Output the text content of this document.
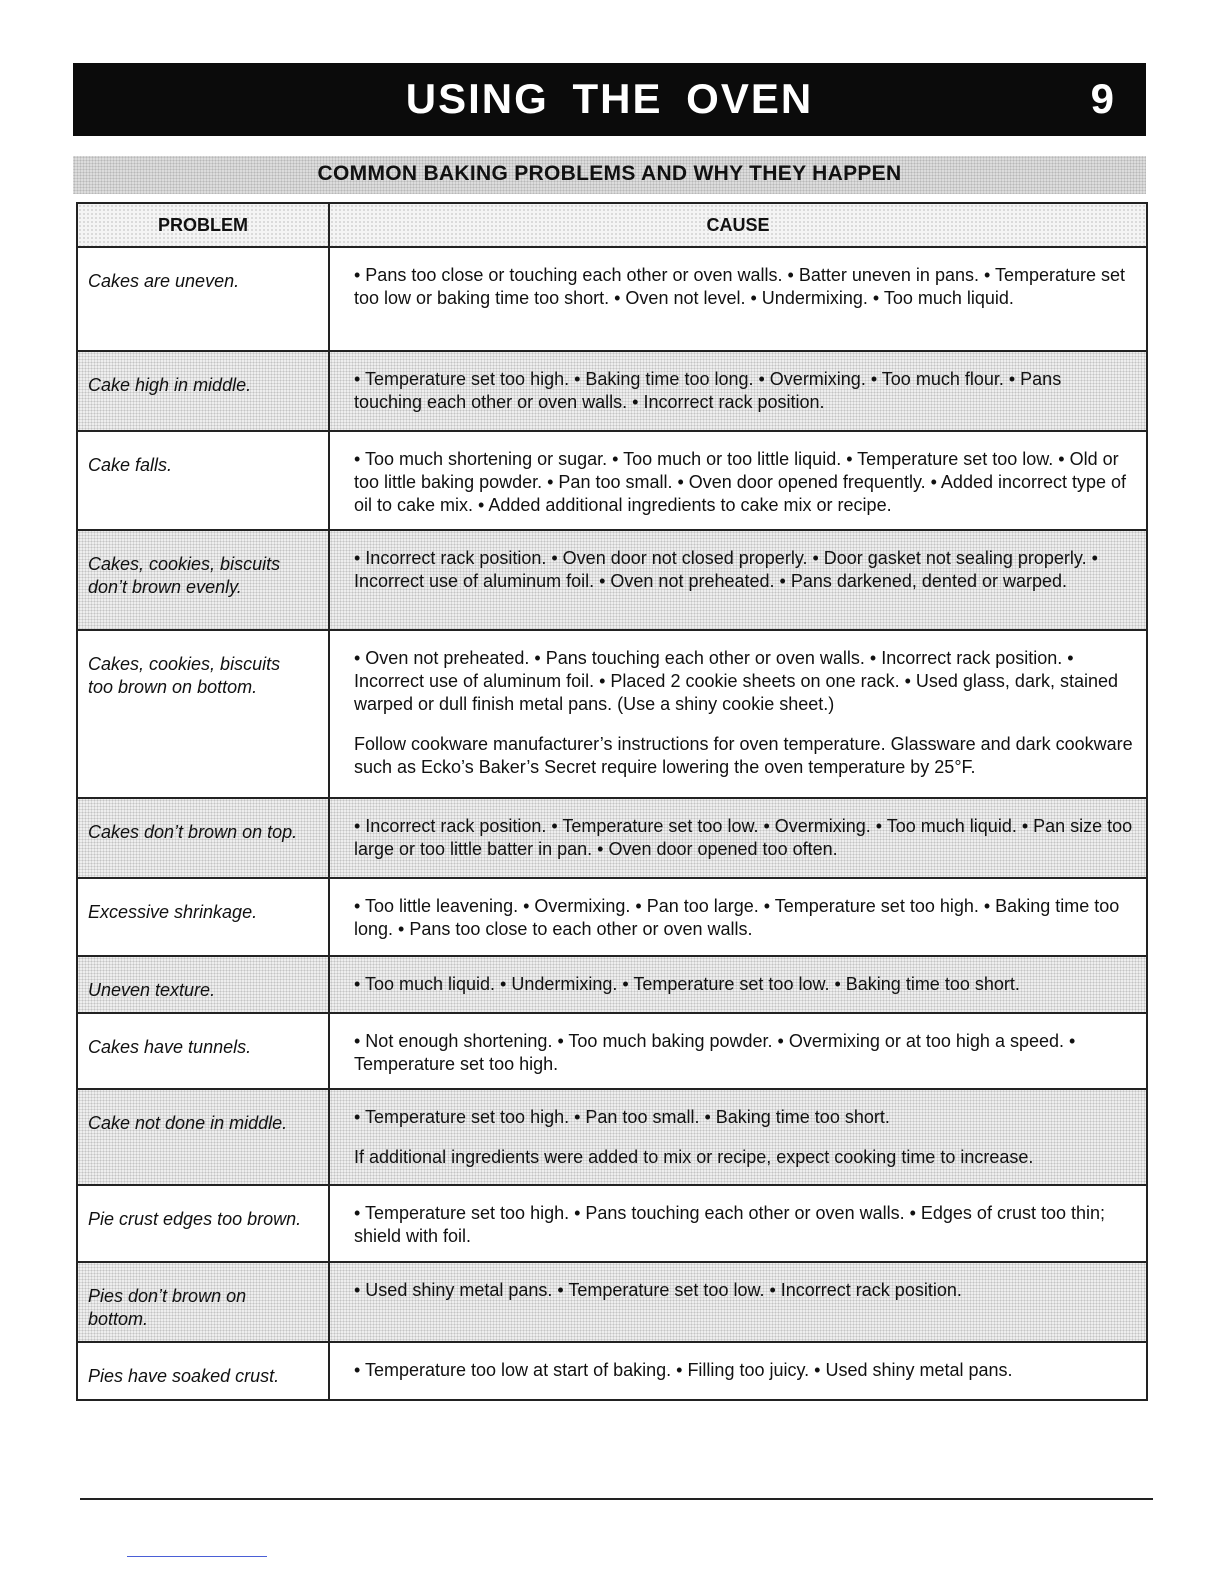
USING THE OVEN	9
COMMON BAKING PROBLEMS AND WHY THEY HAPPEN
PROBLEM	CAUSE
Cakes are uneven.	• Pans too close or touching each other or oven walls. • Batter uneven in pans. • Temperature set too low or baking time too short. • Oven not level. • Undermixing. • Too much liquid.

Cake high in middle.	• Temperature set too high. • Baking time too long. • Overmixing. • Too much flour. • Pans touching each other or oven walls. • Incorrect rack position.

Cake falls.	• Too much shortening or sugar. • Too much or too little liquid. • Temperature set too low. • Old or too little baking powder. • Pan too small. • Oven door opened frequently. • Added incorrect type of oil to cake mix. • Added additional ingredients to cake mix or recipe.

Cakes, cookies, biscuits don’t brown evenly.	• Incorrect rack position. • Oven door not closed properly. • Door gasket not sealing properly. • Incorrect use of aluminum foil. • Oven not preheated. • Pans darkened, dented or warped.

Cakes, cookies, biscuits too brown on bottom.	• Oven not preheated. • Pans touching each other or oven walls. • Incorrect rack position. • Incorrect use of aluminum foil. • Placed 2 cookie sheets on one rack. • Used glass, dark, stained warped or dull finish metal pans. (Use a shiny cookie sheet.)

Follow cookware manufacturer’s instructions for oven temperature. Glassware and dark cookware such as Ecko’s Baker’s Secret require lowering the oven temperature by 25°F.

Cakes don’t brown on top.	• Incorrect rack position. • Temperature set too low. • Overmixing. • Too much liquid. • Pan size too large or too little batter in pan. • Oven door opened too often.

Excessive shrinkage.	• Too little leavening. • Overmixing. • Pan too large. • Temperature set too high. • Baking time too long. • Pans too close to each other or oven walls.

Uneven texture.	• Too much liquid. • Undermixing. • Temperature set too low. • Baking time too short.

Cakes have tunnels.	• Not enough shortening. • Too much baking powder. • Overmixing or at too high a speed. • Temperature set too high.

Cake not done in middle.	• Temperature set too high. • Pan too small. • Baking time too short.

If additional ingredients were added to mix or recipe, expect cooking time to increase.

Pie crust edges too brown.	• Temperature set too high. • Pans touching each other or oven walls. • Edges of crust too thin; shield with foil.

Pies don’t brown on bottom.	• Used shiny metal pans. • Temperature set too low. • Incorrect rack position.

Pies have soaked crust.	• Temperature too low at start of baking. • Filling too juicy. • Used shiny metal pans.
